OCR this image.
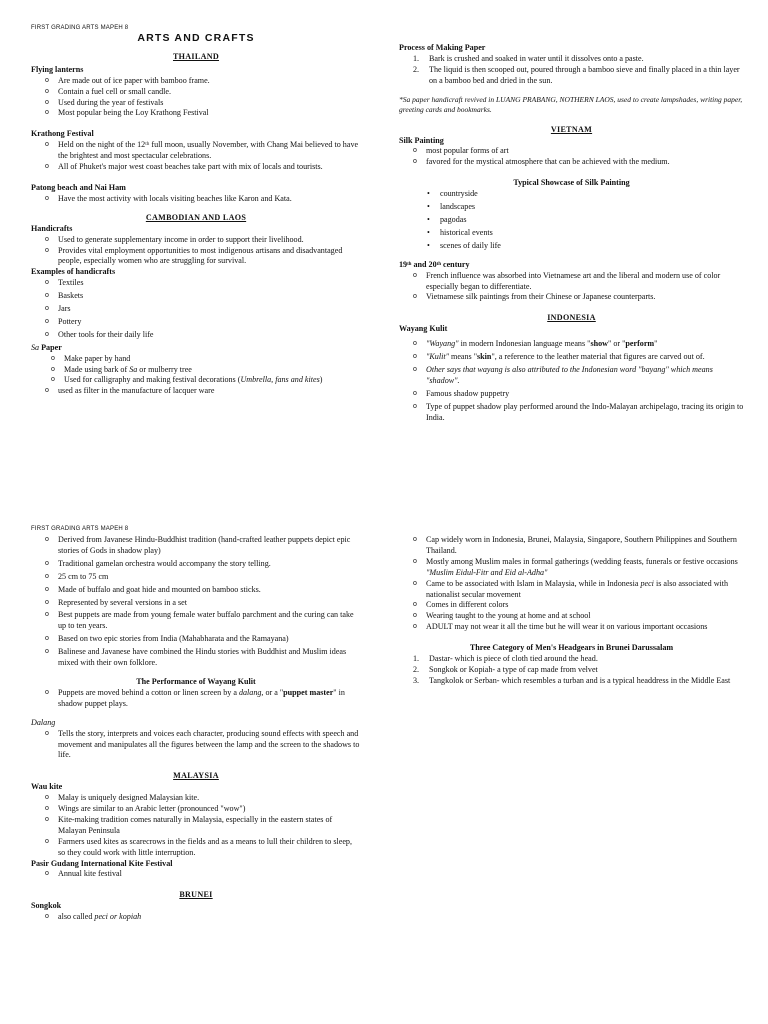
FIRST GRADING ARTS MAPEH 8
ARTS AND CRAFTS
THAILAND
Flying lanterns
o Are made out of ice paper with bamboo frame.
o Contain a fuel cell or small candle.
o Used during the year of festivals
o Most popular being the Loy Krathong Festival
Krathong Festival
o Held on the night of the 12ᵗʰ full moon, usually November, with Chang Mai believed to have the brightest and most spectacular celebrations.
o All of Phuket's major west coast beaches take part with mix of locals and tourists.
Patong beach and Nai Ham
o Have the most activity with locals visiting beaches like Karon and Kata.
CAMBODIAN AND LAOS
Handicrafts
o Used to generate supplementary income in order to support their livelihood.
o Provides vital employment opportunities to most indigenous artisans and disadvantaged people, especially women who are struggling for survival.
Examples of handicrafts
o Textiles
o Baskets
o Jars
o Pottery
o Other tools for their daily life
Sa Paper
o Make paper by hand
o Made using bark of Sa or mulberry tree
o Used for calligraphy and making festival decorations (Umbrella, fans and kites)
o used as filter in the manufacture of lacquer ware
Process of Making Paper
1. Bark is crushed and soaked in water until it dissolves onto a paste.
2. The liquid is then scooped out, poured through a bamboo sieve and finally placed in a thin layer on a bamboo bed and dried in the sun.
*Sa paper handicraft revived in LUANG PRABANG, NOTHERN LAOS, used to create lampshades, writing paper, greeting cards and bookmarks.
VIETNAM
Silk Painting
o most popular forms of art
o favored for the mystical atmosphere that can be achieved with the medium.
Typical Showcase of Silk Painting
• countryside
• landscapes
• pagodas
• historical events
• scenes of daily life
19ᵗʰ and 20ᵗʰ century
o French influence was absorbed into Vietnamese art and the liberal and modern use of color especially began to differentiate.
o Vietnamese silk paintings from their Chinese or Japanese counterparts.
INDONESIA
Wayang Kulit
o "Wayang" in modern Indonesian language means "show" or "perform"
o "Kulit" means "skin", a reference to the leather material that figures are carved out of.
o Other says that wayang is also attributed to the Indonesian word "bayang" which means "shadow".
o Famous shadow puppetry
o Type of puppet shadow play performed around the Indo-Malayan archipelago, tracing its origin to India.
FIRST GRADING ARTS MAPEH 8
o Derived from Javanese Hindu-Buddhist tradition (hand-crafted leather puppets depict epic stories of Gods in shadow play)
o Traditional gamelan orchestra would accompany the story telling.
o 25 cm to 75 cm
o Made of buffalo and goat hide and mounted on bamboo sticks.
o Represented by several versions in a set
o Best puppets are made from young female water buffalo parchment and the curing can take up to ten years.
o Based on two epic stories from India (Mahabharata and the Ramayana)
o Balinese and Javanese have combined the Hindu stories with Buddhist and Muslim ideas mixed with their own folklore.
The Performance of Wayang Kulit
o Puppets are moved behind a cotton or linen screen by a dalang, or a "puppet master" in shadow puppet plays.
Dalang
o Tells the story, interprets and voices each character, producing sound effects with speech and movement and manipulates all the figures between the lamp and the screen to the shadows to life.
MALAYSIA
Wau kite
o Malay is uniquely designed Malaysian kite.
o Wings are similar to an Arabic letter (pronounced "wow")
o Kite-making tradition comes naturally in Malaysia, especially in the eastern states of Malayan Peninsula
o Farmers used kites as scarecrows in the fields and as a means to lull their children to sleep, so they could work with little interruption.
Pasir Gudang International Kite Festival
o Annual kite festival
BRUNEI
Songkok
o also called peci or kopiah
o Cap widely worn in Indonesia, Brunei, Malaysia, Singapore, Southern Philippines and Southern Thailand.
o Mostly among Muslim males in formal gatherings (wedding feasts, funerals or festive occasions "Muslim Eidul-Fitr and Eid al-Adha"
o Came to be associated with Islam in Malaysia, while in Indonesia peci is also associated with nationalist secular movement
o Comes in different colors
o Wearing taught to the young at home and at school
o ADULT may not wear it all the time but he will wear it on various important occasions
Three Category of Men's Headgears in Brunei Darussalam
1. Dastar- which is piece of cloth tied around the head.
2. Songkok or Kopiah- a type of cap made from velvet
3. Tangkolok or Serban- which resembles a turban and is a typical headdress in the Middle East
